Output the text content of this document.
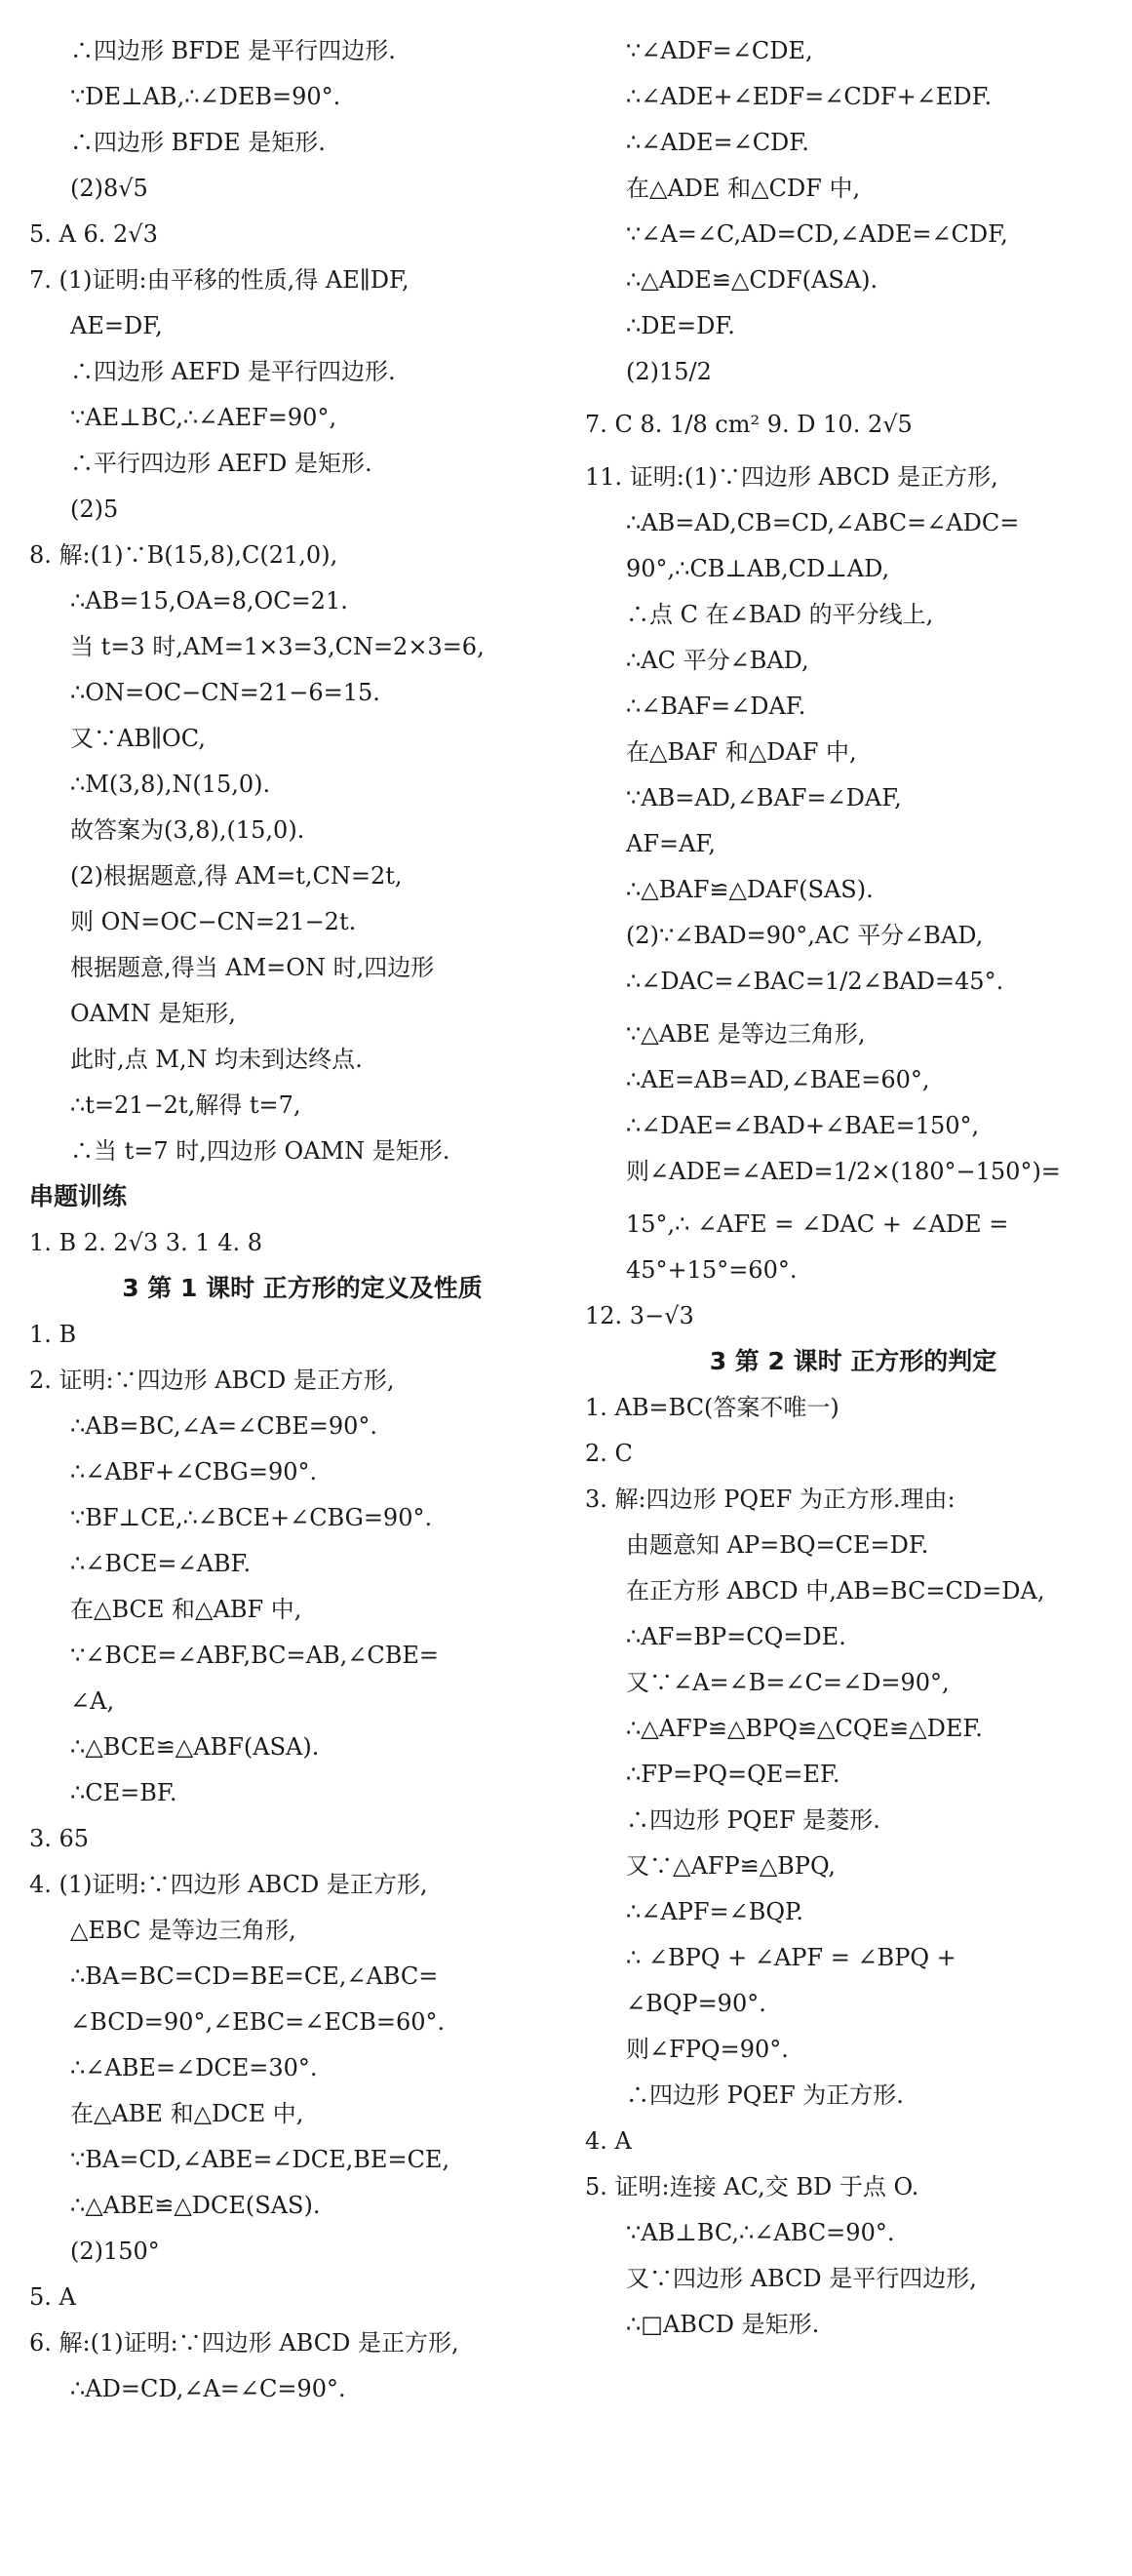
∴四边形 BFDE 是平行四边形.
∵DE⊥AB,∴∠DEB=90°.
∴四边形 BFDE 是矩形.
(2)8√5
5. A 6. 2√3
7. (1)证明:由平移的性质,得 AE∥DF,
AE=DF,
∴四边形 AEFD 是平行四边形.
∵AE⊥BC,∴∠AEF=90°,
∴平行四边形 AEFD 是矩形.
(2)5
8. 解:(1)∵B(15,8),C(21,0),
∴AB=15,OA=8,OC=21.
当 t=3 时,AM=1×3=3,CN=2×3=6,
∴ON=OC−CN=21−6=15.
又∵AB∥OC,
∴M(3,8),N(15,0).
故答案为(3,8),(15,0).
(2)根据题意,得 AM=t,CN=2t,
则 ON=OC−CN=21−2t.
根据题意,得当 AM=ON 时,四边形
OAMN 是矩形,
此时,点 M,N 均未到达终点.
∴t=21−2t,解得 t=7,
∴当 t=7 时,四边形 OAMN 是矩形.
串题训练
1. B 2. 2√3 3. 1 4. 8
3 第 1 课时 正方形的定义及性质
1. B
2. 证明:∵四边形 ABCD 是正方形,
∴AB=BC,∠A=∠CBE=90°.
∴∠ABF+∠CBG=90°.
∵BF⊥CE,∴∠BCE+∠CBG=90°.
∴∠BCE=∠ABF.
在△BCE 和△ABF 中,
∵∠BCE=∠ABF,BC=AB,∠CBE=
∠A,
∴△BCE≌△ABF(ASA).
∴CE=BF.
3. 65
4. (1)证明:∵四边形 ABCD 是正方形,
△EBC 是等边三角形,
∴BA=BC=CD=BE=CE,∠ABC=
∠BCD=90°,∠EBC=∠ECB=60°.
∴∠ABE=∠DCE=30°.
在△ABE 和△DCE 中,
∵BA=CD,∠ABE=∠DCE,BE=CE,
∴△ABE≌△DCE(SAS).
(2)150°
5. A
6. 解:(1)证明:∵四边形 ABCD 是正方形,
∴AD=CD,∠A=∠C=90°.
∵∠ADF=∠CDE,
∴∠ADE+∠EDF=∠CDF+∠EDF.
∴∠ADE=∠CDF.
在△ADE 和△CDF 中,
∵∠A=∠C,AD=CD,∠ADE=∠CDF,
∴△ADE≌△CDF(ASA).
∴DE=DF.
(2)15/2
7. C 8. 1/8 cm² 9. D 10. 2√5
11. 证明:(1)∵四边形 ABCD 是正方形,
∴AB=AD,CB=CD,∠ABC=∠ADC=
90°,∴CB⊥AB,CD⊥AD,
∴点 C 在∠BAD 的平分线上,
∴AC 平分∠BAD,
∴∠BAF=∠DAF.
在△BAF 和△DAF 中,
∵AB=AD,∠BAF=∠DAF,
AF=AF,
∴△BAF≌△DAF(SAS).
(2)∵∠BAD=90°,AC 平分∠BAD,
∴∠DAC=∠BAC=1/2∠BAD=45°.
∵△ABE 是等边三角形,
∴AE=AB=AD,∠BAE=60°,
∴∠DAE=∠BAD+∠BAE=150°,
则∠ADE=∠AED=1/2×(180°−150°)=
15°,∴ ∠AFE = ∠DAC + ∠ADE =
45°+15°=60°.
12. 3−√3
3 第 2 课时 正方形的判定
1. AB=BC(答案不唯一)
2. C
3. 解:四边形 PQEF 为正方形.理由:
由题意知 AP=BQ=CE=DF.
在正方形 ABCD 中,AB=BC=CD=DA,
∴AF=BP=CQ=DE.
又∵∠A=∠B=∠C=∠D=90°,
∴△AFP≌△BPQ≌△CQE≌△DEF.
∴FP=PQ=QE=EF.
∴四边形 PQEF 是菱形.
又∵△AFP≌△BPQ,
∴∠APF=∠BQP.
∴ ∠BPQ + ∠APF = ∠BPQ +
∠BQP=90°.
则∠FPQ=90°.
∴四边形 PQEF 为正方形.
4. A
5. 证明:连接 AC,交 BD 于点 O.
∵AB⊥BC,∴∠ABC=90°.
又∵四边形 ABCD 是平行四边形,
∴□ABCD 是矩形.
